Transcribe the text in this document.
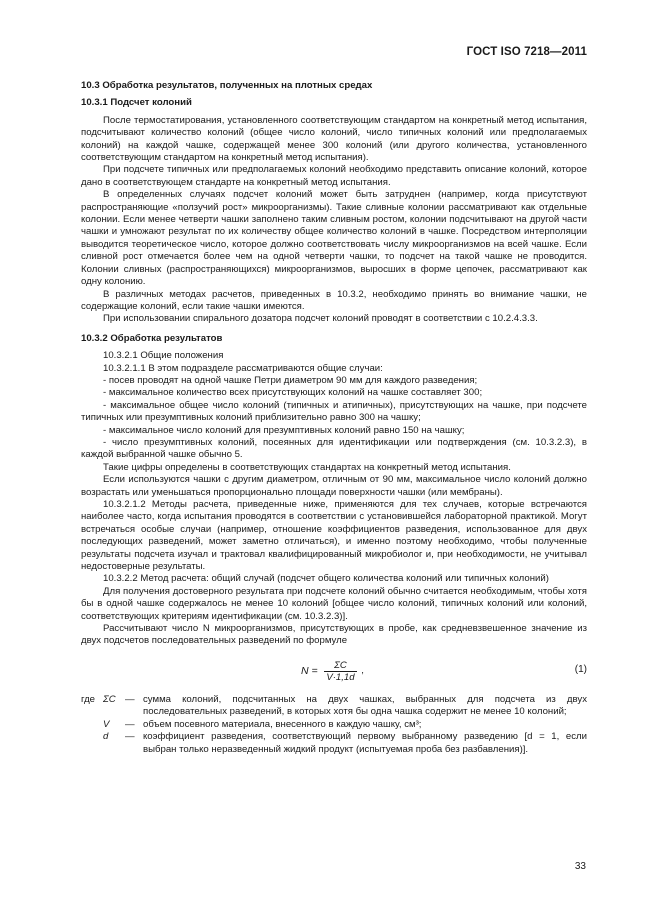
ГОСТ ISO 7218—2011

10.3 Обработка результатов, полученных на плотных средах

10.3.1 Подсчет колоний

После термостатирования, установленного соответствующим стандартом на конкретный метод испытания, подсчитывают количество колоний (общее число колоний, число типичных колоний или предполагаемых колоний) на каждой чашке, содержащей менее 300 колоний (или другого количества, установленного соответствующим стандартом на конкретный метод испытания).

При подсчете типичных или предполагаемых колоний необходимо представить описание колоний, которое дано в соответствующем стандарте на конкретный метод испытания.

В определенных случаях подсчет колоний может быть затруднен (например, когда присутствуют распространяющие «ползучий рост» микроорганизмы). Такие сливные колонии рассматривают как отдельные колонии. Если менее четверти чашки заполнено таким сливным ростом, колонии подсчитывают на другой части чашки и умножают результат по их количеству общее количество колоний в чашке. Посредством интерполяции выводится теоретическое число, которое должно соответствовать числу микроорганизмов на всей чашке. Если сливной рост отмечается более чем на одной четверти чашки, то подсчет на такой чашке не проводится. Колонии сливных (распространяющихся) микроорганизмов, выросших в форме цепочек, рассматривают как одну колонию.

В различных методах расчетов, приведенных в 10.3.2, необходимо принять во внимание чашки, не содержащие колоний, если такие чашки имеются.

При использовании спирального дозатора подсчет колоний проводят в соответствии с 10.2.4.3.3.

10.3.2 Обработка результатов

10.3.2.1 Общие положения

10.3.2.1.1 В этом подразделе рассматриваются общие случаи:

- посев проводят на одной чашке Петри диаметром 90 мм для каждого разведения;

- максимальное количество всех присутствующих колоний на чашке составляет 300;

- максимальное общее число колоний (типичных и атипичных), присутствующих на чашке, при подсчете типичных или презумптивных колоний приблизительно равно 300 на чашку;

- максимальное число колоний для презумптивных колоний равно 150 на чашку;

- число презумптивных колоний, посеянных для идентификации или подтверждения (см. 10.3.2.3), в каждой выбранной чашке обычно 5.

Такие цифры определены в соответствующих стандартах на конкретный метод испытания.

Если используются чашки с другим диаметром, отличным от 90 мм, максимальное число колоний должно возрастать или уменьшаться пропорционально площади поверхности чашки (или мембраны).

10.3.2.1.2 Методы расчета, приведенные ниже, применяются для тех случаев, которые встречаются наиболее часто, когда испытания проводятся в соответствии с установившейся лабораторной практикой. Могут встречаться особые случаи (например, отношение коэффициентов разведения, использованное для двух последующих разведений, может заметно отличаться), и именно поэтому необходимо, чтобы полученные результаты подсчета изучал и трактовал квалифицированный микробиолог и, при необходимости, не учитывал недостоверные результаты.

10.3.2.2 Метод расчета: общий случай (подсчет общего количества колоний или типичных колоний)

Для получения достоверного результата при подсчете колоний обычно считается необходимым, чтобы хотя бы в одной чашке содержалось не менее 10 колоний [общее число колоний, типичных колоний или колоний, соответствующих критериям идентификации (см. 10.3.2.3)].

Рассчитывают число N микроорганизмов, присутствующих в пробе, как средневзвешенное значение из двух подсчетов последовательных разведений по формуле

$N = \frac{\Sigma C}{V\cdot 1,1d}$ ,	(1)
где ΣC — сумма колоний, подсчитанных на двух чашках, выбранных для подсчета из двух последовательных разведений, в которых хотя бы одна чашка содержит не менее 10 колоний;
V	— объем посевного материала, внесенного в каждую чашку, см³;
d	— коэффициент разведения, соответствующий первому выбранному разведению [d = 1, если выбран только неразведенный жидкий продукт (испытуемая проба без разбавления)].
33
